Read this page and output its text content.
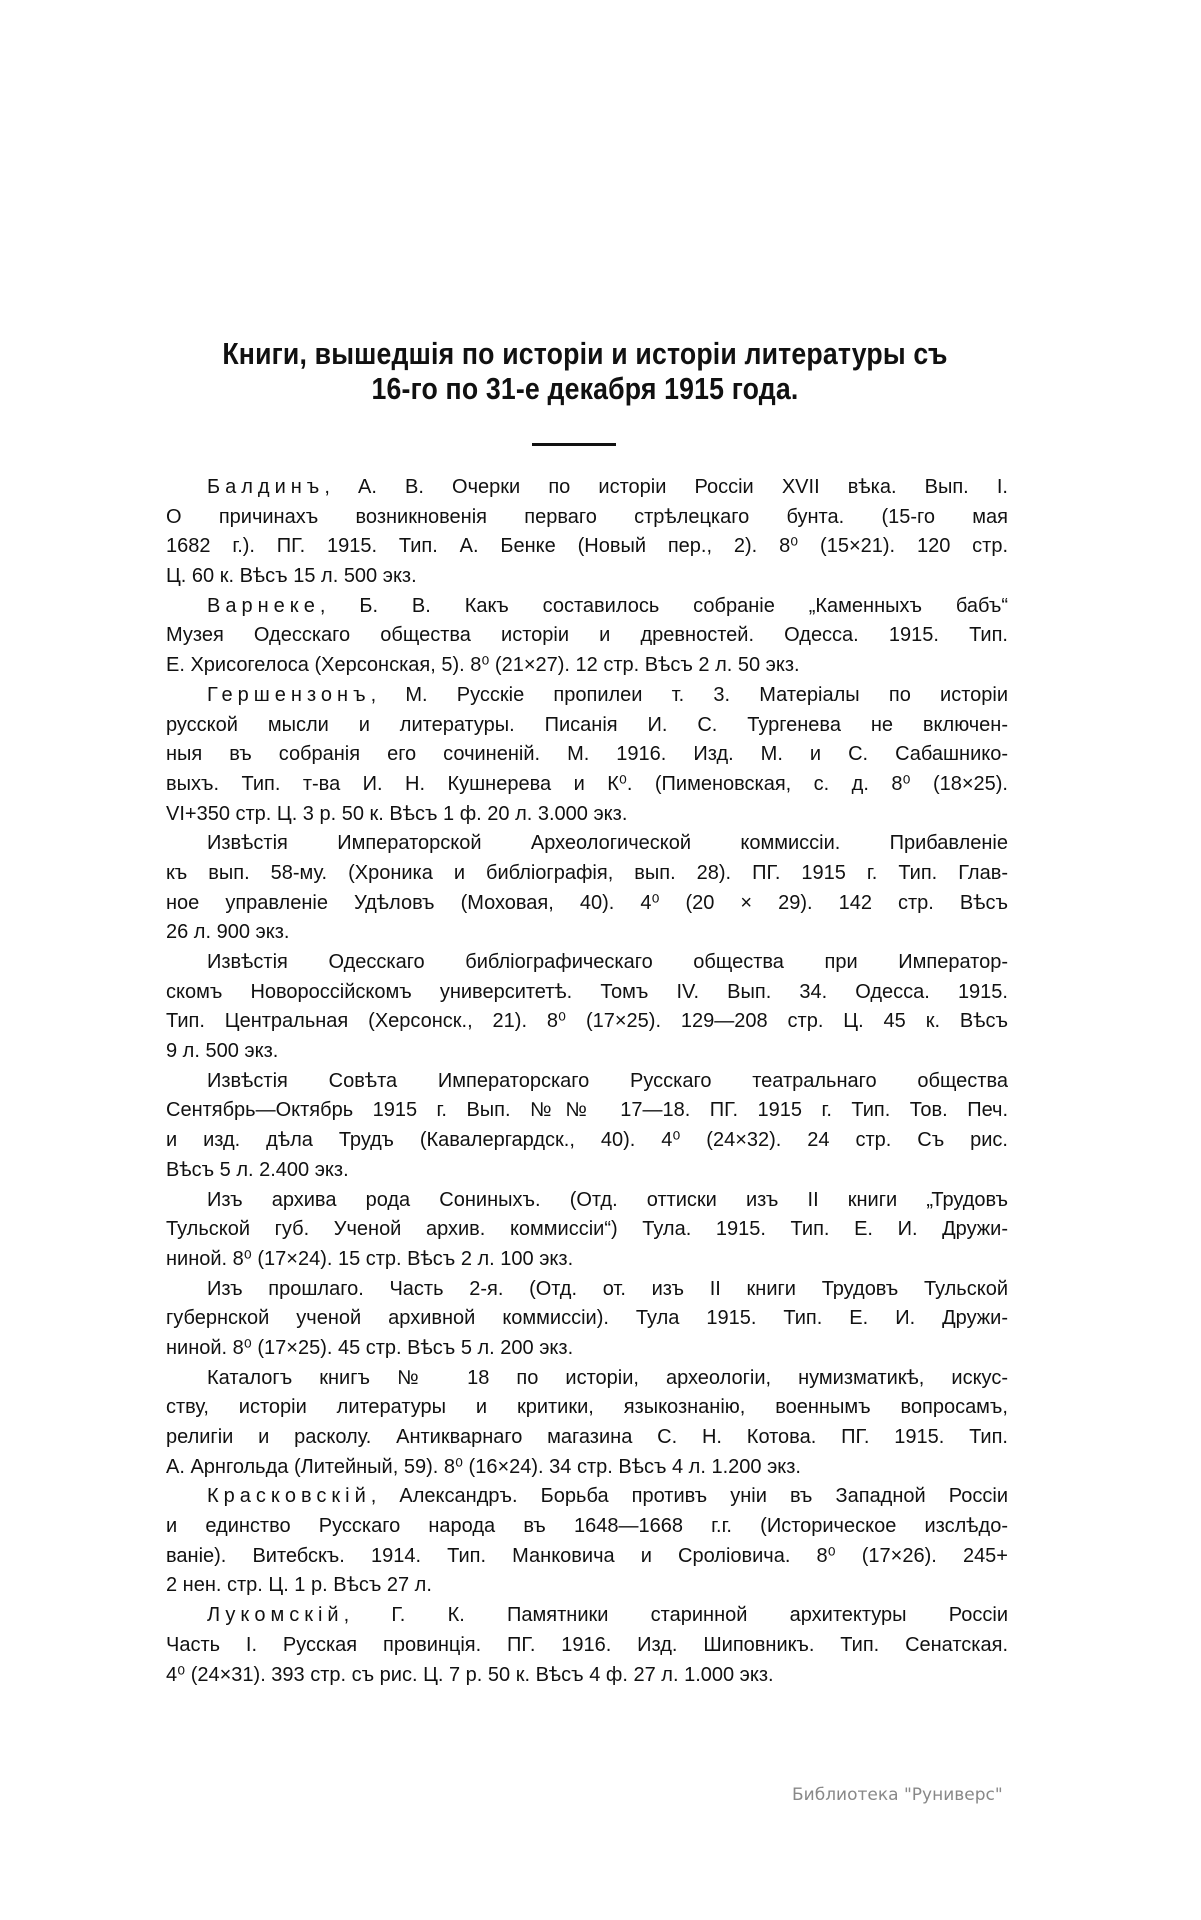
Книги, вышедшія по исторіи и исторіи литературы съ
16-го по 31-е декабря 1915 года.
Балдинъ, А. В. Очерки по исторіи Россіи XVII вѣка. Вып. I.
О причинахъ возникновенія перваго стрѣлецкаго бунта. (15-го мая
1682 г.). ПГ. 1915. Тип. А. Бенке (Новый пер., 2). 8⁰ (15×21). 120 стр.
Ц. 60 к. Вѣсъ 15 л. 500 экз.
Варнеке, Б. В. Какъ составилось собраніе „Каменныхъ бабъ“
Музея Одесскаго общества исторіи и древностей. Одесса. 1915. Тип.
Е. Хрисогелоса (Херсонская, 5). 8⁰ (21×27). 12 стр. Вѣсъ 2 л. 50 экз.
Гершензонъ, М. Русскіе пропилеи т. 3. Матеріалы по исторіи
русской мысли и литературы. Писанія И. С. Тургенева не включен-
ныя въ собранія его сочиненій. М. 1916. Изд. М. и С. Сабашнико-
выхъ. Тип. т-ва И. Н. Кушнерева и К⁰. (Пименовская, с. д. 8⁰ (18×25).
VI+350 стр. Ц. 3 р. 50 к. Вѣсъ 1 ф. 20 л. 3.000 экз.
Извѣстія Императорской Археологической коммиссіи. Прибавленіе
къ вып. 58-му. (Хроника и библіографія, вып. 28). ПГ. 1915 г. Тип. Глав-
ное управленіе Удѣловъ (Моховая, 40). 4⁰ (20 × 29). 142 стр. Вѣсъ
26 л. 900 экз.
Извѣстія Одесскаго библіографическаго общества при Император-
скомъ Новороссійскомъ университетѣ. Томъ IV. Вып. 34. Одесса. 1915.
Тип. Центральная (Херсонск., 21). 8⁰ (17×25). 129—208 стр. Ц. 45 к. Вѣсъ
9 л. 500 экз.
Извѣстія Совѣта Императорскаго Русскаго театральнаго общества
Сентябрь—Октябрь 1915 г. Вып. №№ 17—18. ПГ. 1915 г. Тип. Тов. Печ.
и изд. дѣла Трудъ (Кавалергардск., 40). 4⁰ (24×32). 24 стр. Съ рис.
Вѣсъ 5 л. 2.400 экз.
Изъ архива рода Сониныхъ. (Отд. оттиски изъ II книги „Трудовъ
Тульской губ. Ученой архив. коммиссіи“) Тула. 1915. Тип. Е. И. Дружи-
ниной. 8⁰ (17×24). 15 стр. Вѣсъ 2 л. 100 экз.
Изъ прошлаго. Часть 2-я. (Отд. от. изъ II книги Трудовъ Тульской
губернской ученой архивной коммиссіи). Тула 1915. Тип. Е. И. Дружи-
ниной. 8⁰ (17×25). 45 стр. Вѣсъ 5 л. 200 экз.
Каталогъ книгъ № 18 по исторіи, археологіи, нумизматикѣ, искус-
ству, исторіи литературы и критики, языкознанію, военнымъ вопросамъ,
религіи и расколу. Антикварнаго магазина С. Н. Котова. ПГ. 1915. Тип.
А. Арнгольда (Литейный, 59). 8⁰ (16×24). 34 стр. Вѣсъ 4 л. 1.200 экз.
Красковскій, Александръ. Борьба противъ уніи въ Западной Россіи
и единство Русскаго народа въ 1648—1668 г.г. (Историческое изслѣдо-
ваніе). Витебскъ. 1914. Тип. Манковича и Сроліовича. 8⁰ (17×26). 245+
2 нен. стр. Ц. 1 р. Вѣсъ 27 л.
Лукомскій, Г. К. Памятники старинной архитектуры Россіи
Часть I. Русская провинція. ПГ. 1916. Изд. Шиповникъ. Тип. Сенатская.
4⁰ (24×31). 393 стр. съ рис. Ц. 7 р. 50 к. Вѣсъ 4 ф. 27 л. 1.000 экз.
Библиотека "Руниверс"
